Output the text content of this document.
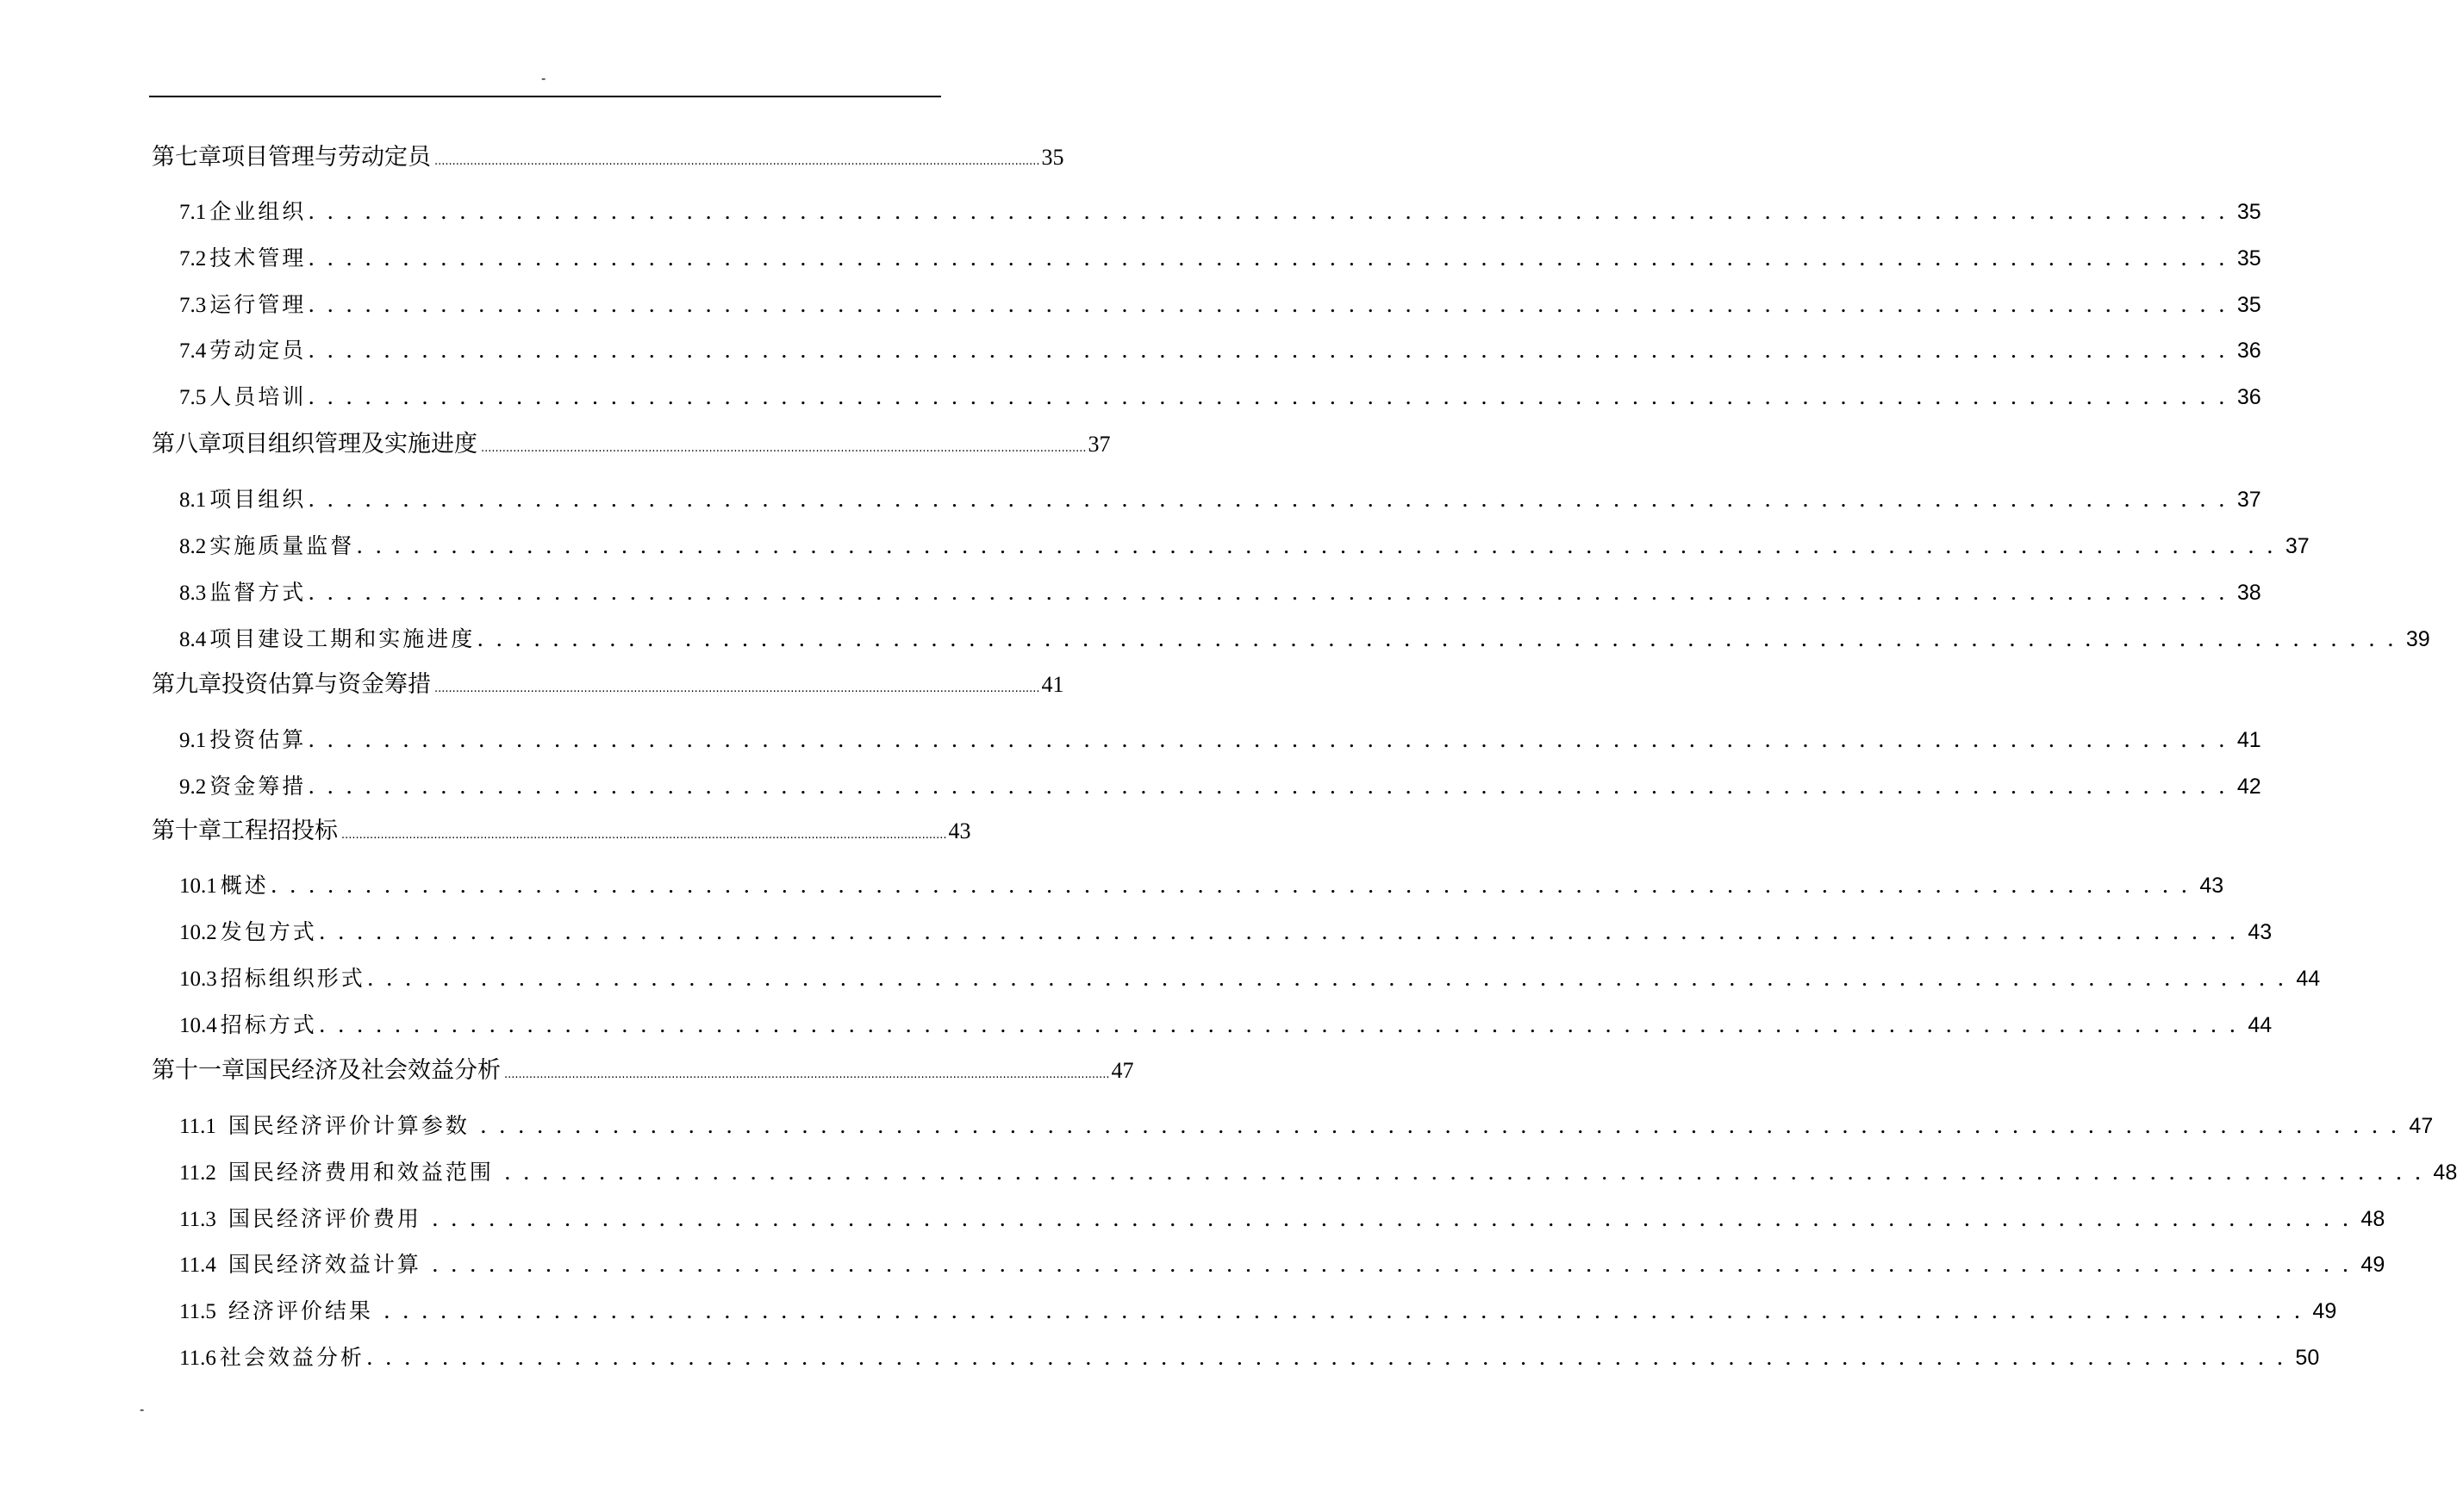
-
第七章 项目管理与劳动定员 .......................................................................................................................................................................... 35
7.1 企业组织 ...................................................................................................... 35
7.2 技术管理 ...................................................................................................... 35
7.3 运行管理 ...................................................................................................... 35
7.4 劳动定员 ...................................................................................................... 36
7.5 人员培训 ...................................................................................................... 36
第八章 项目组织管理及实施进度 .......................................................................................................................................................................... 37
8.1 项目组织 ...................................................................................................... 37
8.2 实施质量监督 ...................................................................................................... 37
8.3 监督方式 ...................................................................................................... 38
8.4 项目建设工期和实施进度 ...................................................................................................... 39
第九章 投资估算与资金筹措 .......................................................................................................................................................................... 41
9.1 投资估算 ...................................................................................................... 41
9.2 资金筹措 ...................................................................................................... 42
第十章 工程招投标 .......................................................................................................................................................................... 43
10.1 概述 ...................................................................................................... 43
10.2 发包方式 ...................................................................................................... 43
10.3 招标组织形式 ...................................................................................................... 44
10.4 招标方式 ...................................................................................................... 44
第十一章 国民经济及社会效益分析 .......................................................................................................................................................................... 47
11.1 国民经济评价计算参数 ...................................................................................................... 47
11.2 国民经济费用和效益范围 ...................................................................................................... 48
11.3 国民经济评价费用 ...................................................................................................... 48
11.4 国民经济效益计算 ...................................................................................................... 49
11.5 经济评价结果 ...................................................................................................... 49
11.6 社会效益分析 ...................................................................................................... 50
-
